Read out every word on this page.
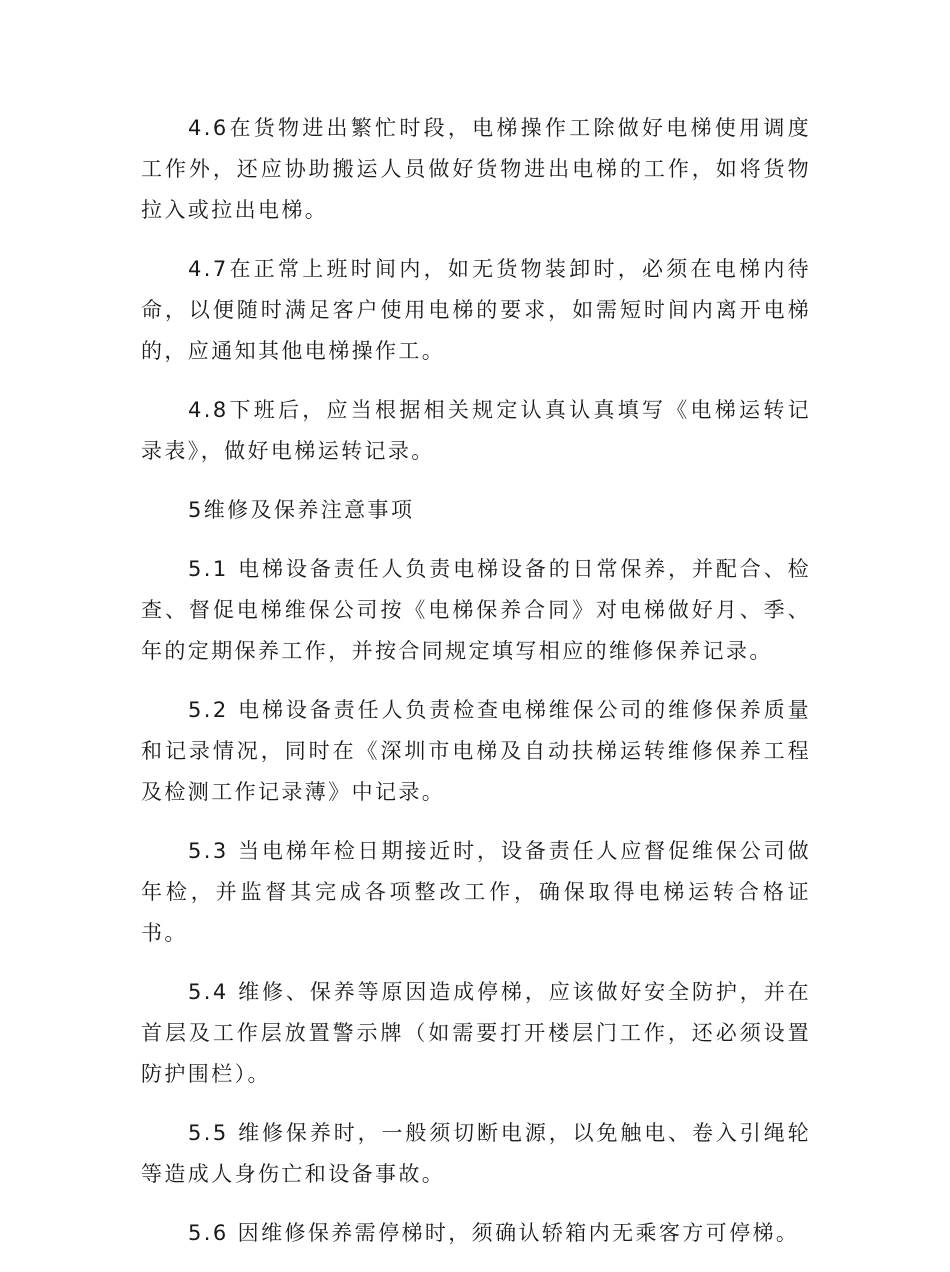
4.6在货物进出繁忙时段，电梯操作工除做好电梯使用调度工作外，还应协助搬运人员做好货物进出电梯的工作，如将货物拉入或拉出电梯。

4.7在正常上班时间内，如无货物装卸时，必须在电梯内待命，以便随时满足客户使用电梯的要求，如需短时间内离开电梯的，应通知其他电梯操作工。

4.8下班后，应当根据相关规定认真认真填写《电梯运转记录表》，做好电梯运转记录。

5维修及保养注意事项

5.1 电梯设备责任人负责电梯设备的日常保养，并配合、检查、督促电梯维保公司按《电梯保养合同》对电梯做好月、季、年的定期保养工作，并按合同规定填写相应的维修保养记录。

5.2 电梯设备责任人负责检查电梯维保公司的维修保养质量和记录情况，同时在《深圳市电梯及自动扶梯运转维修保养工程及检测工作记录薄》中记录。

5.3 当电梯年检日期接近时，设备责任人应督促维保公司做年检，并监督其完成各项整改工作，确保取得电梯运转合格证书。

5.4 维修、保养等原因造成停梯，应该做好安全防护，并在首层及工作层放置警示牌（如需要打开楼层门工作，还必须设置防护围栏）。

5.5 维修保养时，一般须切断电源，以免触电、卷入引绳轮等造成人身伤亡和设备事故。

5.6 因维修保养需停梯时，须确认轿箱内无乘客方可停梯。
